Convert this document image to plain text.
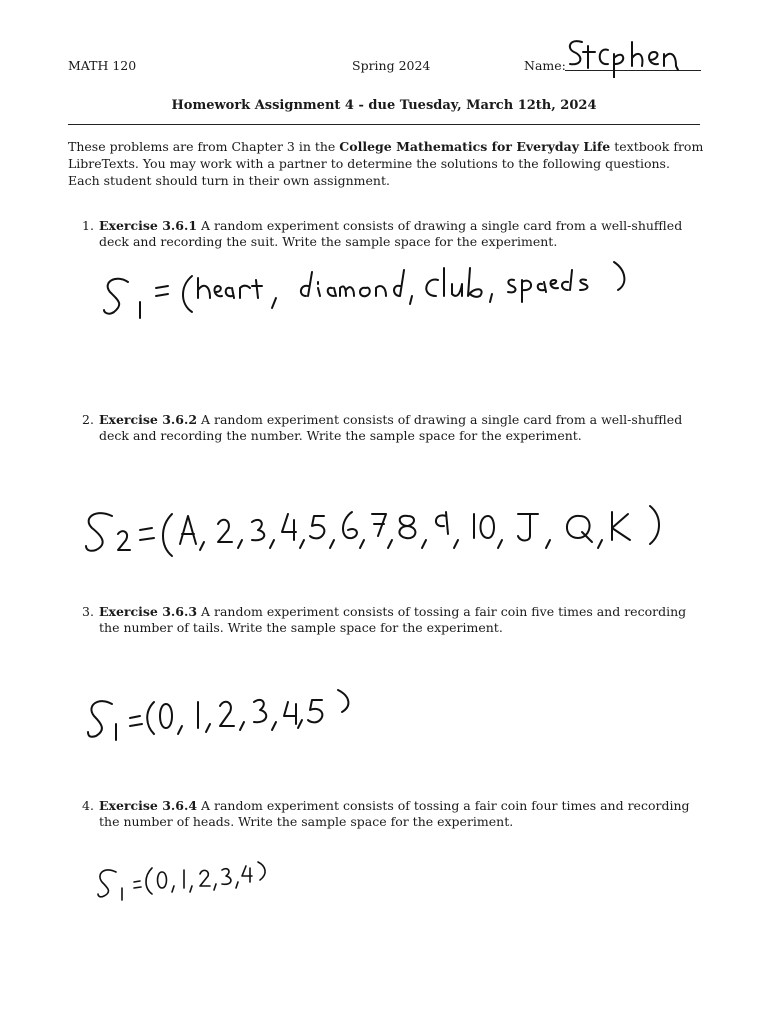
MATH 120	Spring 2024	Name:
Homework Assignment 4 - due Tuesday, March 12th, 2024
These problems are from Chapter 3 in the College Mathematics for Everyday Life textbook from LibreTexts. You may work with a partner to determine the solutions to the following questions. Each student should turn in their own assignment.
1. Exercise 3.6.1 A random experiment consists of drawing a single card from a well-shuffled deck and recording the suit. Write the sample space for the experiment.
2. Exercise 3.6.2 A random experiment consists of drawing a single card from a well-shuffled deck and recording the number. Write the sample space for the experiment.
3. Exercise 3.6.3 A random experiment consists of tossing a fair coin five times and recording the number of tails. Write the sample space for the experiment.
4. Exercise 3.6.4 A random experiment consists of tossing a fair coin four times and recording the number of heads. Write the sample space for the experiment.
